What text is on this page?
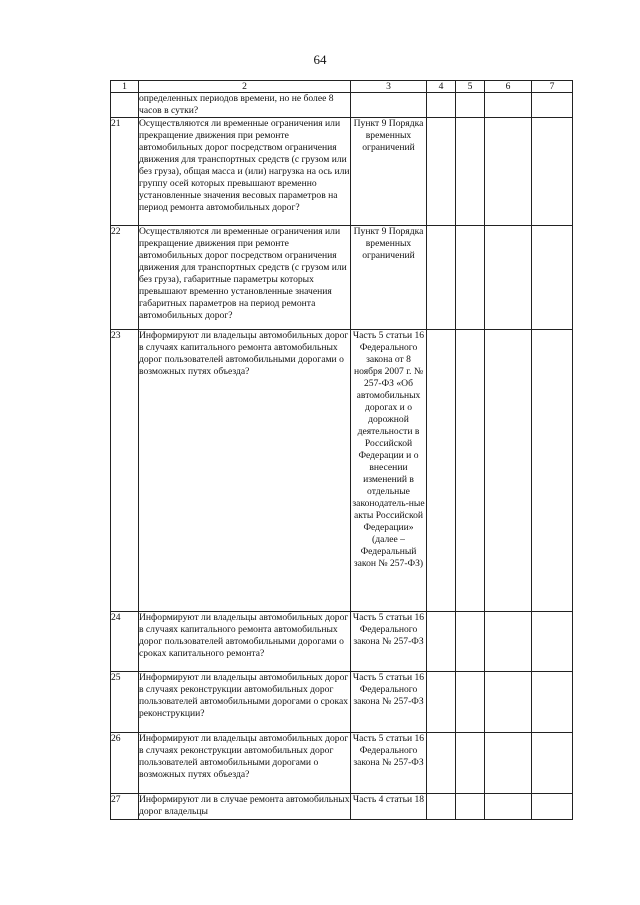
64
1	2	3	4	5	6	7
	определенных периодов времени, но не более 8 часов в сутки?					
21	Осуществляются ли временные ограничения или прекращение движения при ремонте автомобильных дорог посредством ограничения движения для транспортных средств (с грузом или без груза), общая масса и (или) нагрузка на ось или группу осей которых превышают временно установленные значения весовых параметров на период ремонта автомобильных дорог?	Пункт 9 Порядка временных ограничений				
22	Осуществляются ли временные ограничения или прекращение движения при ремонте автомобильных дорог посредством ограничения движения для транспортных средств (с грузом или без груза), габаритные параметры которых превышают временно установленные значения габаритных параметров на период ремонта автомобильных дорог?	Пункт 9 Порядка временных ограничений				
23	Информируют ли владельцы автомобильных дорог в случаях капитального ремонта автомобильных дорог пользователей автомобильными дорогами о возможных путях объезда?	Часть 5 статьи 16 Федерального закона от 8 ноября 2007 г. № 257-ФЗ «Об автомобильных дорогах и о дорожной деятельности в Российской Федерации и о внесении изменений в отдельные законодатель-ные акты Российской Федерации» (далее – Федеральный закон № 257-ФЗ)				
24	Информируют ли владельцы автомобильных дорог в случаях капитального ремонта автомобильных дорог пользователей автомобильными дорогами о сроках капитального ремонта?	Часть 5 статьи 16 Федерального закона № 257-ФЗ				
25	Информируют ли владельцы автомобильных дорог в случаях реконструкции автомобильных дорог пользователей автомобильными дорогами о сроках реконструкции?	Часть 5 статьи 16 Федерального закона № 257-ФЗ				
26	Информируют ли владельцы автомобильных дорог в случаях реконструкции автомобильных дорог пользователей автомобильными дорогами о возможных путях объезда?	Часть 5 статьи 16 Федерального закона № 257-ФЗ				
27	Информируют ли в случае ремонта автомобильных дорог владельцы	Часть 4 статьи 18				
